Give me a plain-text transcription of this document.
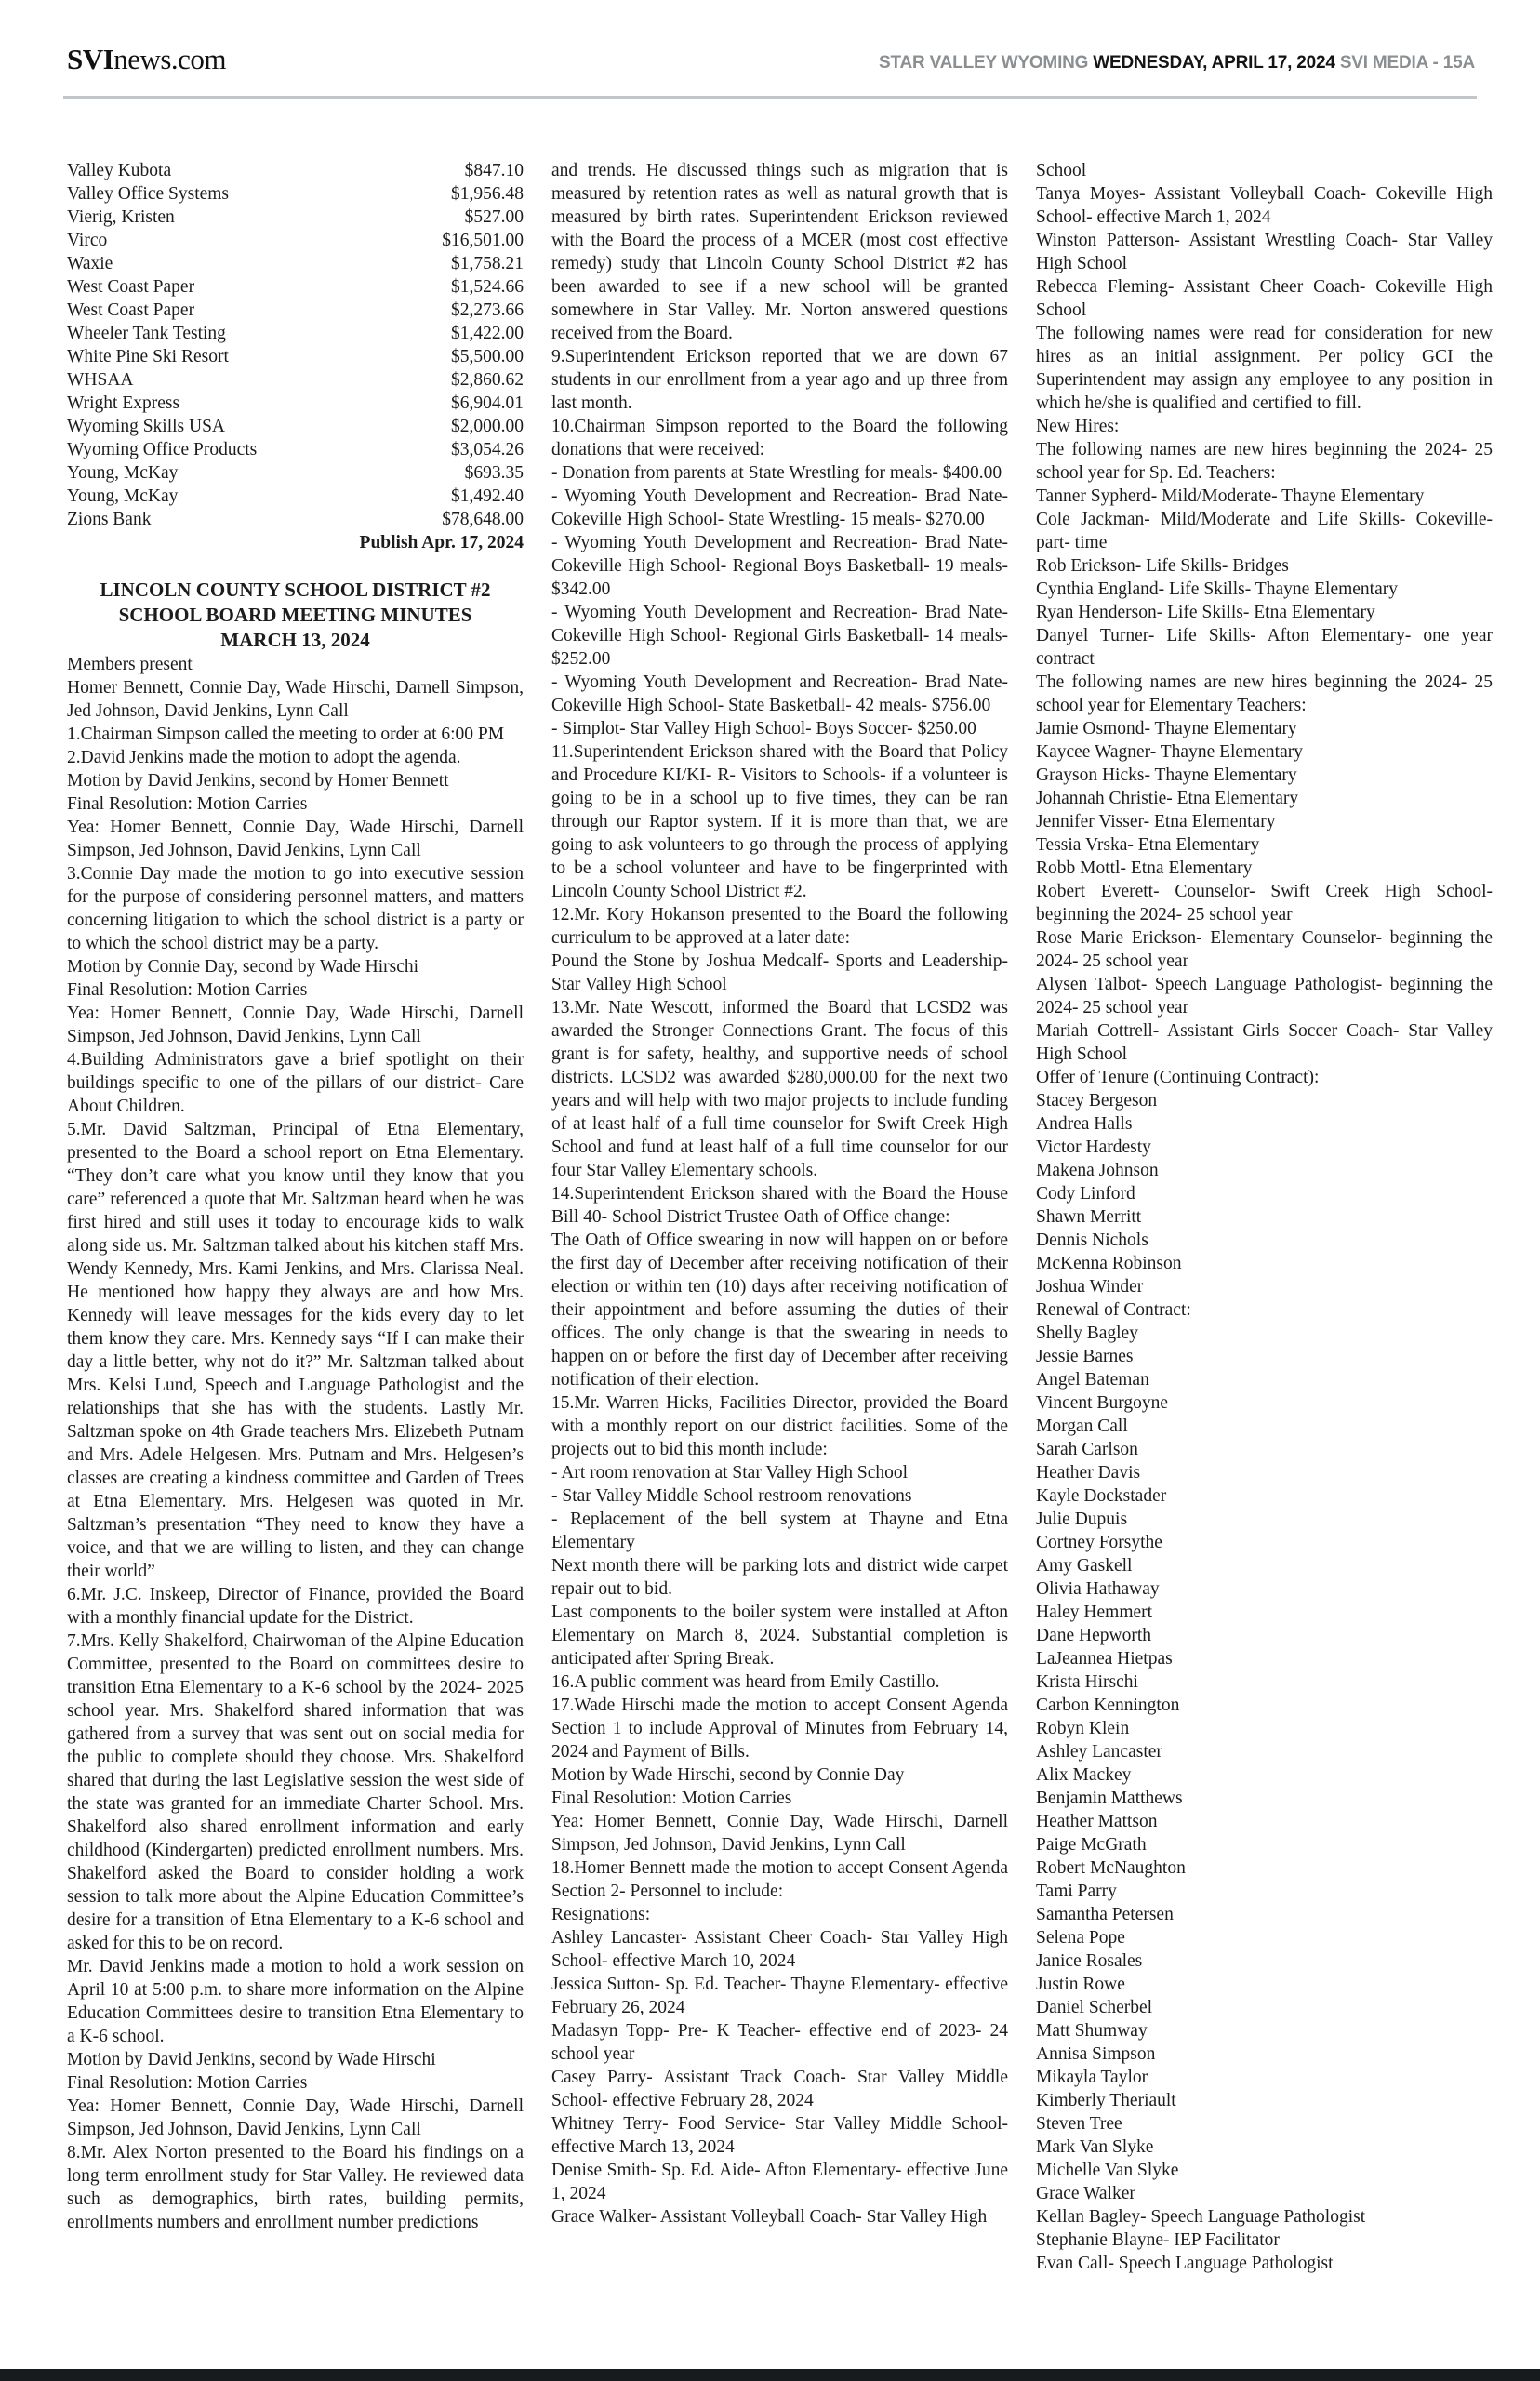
SVInews.com	STAR VALLEY WYOMING WEDNESDAY, APRIL 17, 2024 SVI MEDIA - 15A
Valley Kubota	$847.10
Valley Office Systems	$1,956.48
Vierig, Kristen	$527.00
Virco	$16,501.00
Waxie	$1,758.21
West Coast Paper	$1,524.66
West Coast Paper	$2,273.66
Wheeler Tank Testing	$1,422.00
White Pine Ski Resort	$5,500.00
WHSAA	$2,860.62
Wright Express	$6,904.01
Wyoming Skills USA	$2,000.00
Wyoming Office Products	$3,054.26
Young, McKay	$693.35
Young, McKay	$1,492.40
Zions Bank	$78,648.00

Publish Apr. 17, 2024

LINCOLN COUNTY SCHOOL DISTRICT #2
SCHOOL BOARD MEETING MINUTES
MARCH 13, 2024

Members present

Homer Bennett, Connie Day, Wade Hirschi, Darnell Simpson, Jed Johnson, David Jenkins, Lynn Call

1.Chairman Simpson called the meeting to order at 6:00 PM

2.David Jenkins made the motion to adopt the agenda.

Motion by David Jenkins, second by Homer Bennett

Final Resolution: Motion Carries

Yea: Homer Bennett, Connie Day, Wade Hirschi, Darnell Simpson, Jed Johnson, David Jenkins, Lynn Call

3.Connie Day made the motion to go into executive session for the purpose of considering personnel matters, and matters concerning litigation to which the school district is a party or to which the school district may be a party.

Motion by Connie Day, second by Wade Hirschi

Final Resolution: Motion Carries

Yea: Homer Bennett, Connie Day, Wade Hirschi, Darnell Simpson, Jed Johnson, David Jenkins, Lynn Call

4.Building Administrators gave a brief spotlight on their buildings specific to one of the pillars of our district- Care About Children.

5.Mr. David Saltzman, Principal of Etna Elementary, presented to the Board a school report on Etna Elementary. “They don’t care what you know until they know that you care” referenced a quote that Mr. Saltzman heard when he was first hired and still uses it today to encourage kids to walk along side us. Mr. Saltzman talked about his kitchen staff Mrs. Wendy Kennedy, Mrs. Kami Jenkins, and Mrs. Clarissa Neal. He mentioned how happy they always are and how Mrs. Kennedy will leave messages for the kids every day to let them know they care. Mrs. Kennedy says “If I can make their day a little better, why not do it?” Mr. Saltzman talked about Mrs. Kelsi Lund, Speech and Language Pathologist and the relationships that she has with the students. Lastly Mr. Saltzman spoke on 4th Grade teachers Mrs. Elizebeth Putnam and Mrs. Adele Helgesen. Mrs. Putnam and Mrs. Helgesen’s classes are creating a kindness committee and Garden of Trees at Etna Elementary. Mrs. Helgesen was quoted in Mr. Saltzman’s presentation “They need to know they have a voice, and that we are willing to listen, and they can change their world”

6.Mr. J.C. Inskeep, Director of Finance, provided the Board with a monthly financial update for the District.

7.Mrs. Kelly Shakelford, Chairwoman of the Alpine Education Committee, presented to the Board on committees desire to transition Etna Elementary to a K-6 school by the 2024- 2025 school year. Mrs. Shakelford shared information that was gathered from a survey that was sent out on social media for the public to complete should they choose. Mrs. Shakelford shared that during the last Legislative session the west side of the state was granted for an immediate Charter School. Mrs. Shakelford also shared enrollment information and early childhood (Kindergarten) predicted enrollment numbers. Mrs. Shakelford asked the Board to consider holding a work session to talk more about the Alpine Education Committee’s desire for a transition of Etna Elementary to a K-6 school and asked for this to be on record.

Mr. David Jenkins made a motion to hold a work session on April 10 at 5:00 p.m. to share more information on the Alpine Education Committees desire to transition Etna Elementary to a K-6 school.

Motion by David Jenkins, second by Wade Hirschi

Final Resolution: Motion Carries

Yea: Homer Bennett, Connie Day, Wade Hirschi, Darnell Simpson, Jed Johnson, David Jenkins, Lynn Call

8.Mr. Alex Norton presented to the Board his findings on a long term enrollment study for Star Valley. He reviewed data such as demographics, birth rates, building permits, enrollments numbers and enrollment number predictions

and trends. He discussed things such as migration that is measured by retention rates as well as natural growth that is measured by birth rates. Superintendent Erickson reviewed with the Board the process of a MCER (most cost effective remedy) study that Lincoln County School District #2 has been awarded to see if a new school will be granted somewhere in Star Valley. Mr. Norton answered questions received from the Board.

9.Superintendent Erickson reported that we are down 67 students in our enrollment from a year ago and up three from last month.

10.Chairman Simpson reported to the Board the following donations that were received:

- Donation from parents at State Wrestling for meals- $400.00

- Wyoming Youth Development and Recreation- Brad Nate- Cokeville High School- State Wrestling- 15 meals- $270.00

- Wyoming Youth Development and Recreation- Brad Nate- Cokeville High School- Regional Boys Basketball- 19 meals- $342.00

- Wyoming Youth Development and Recreation- Brad Nate- Cokeville High School- Regional Girls Basketball- 14 meals- $252.00

- Wyoming Youth Development and Recreation- Brad Nate- Cokeville High School- State Basketball- 42 meals- $756.00

- Simplot- Star Valley High School- Boys Soccer- $250.00

11.Superintendent Erickson shared with the Board that Policy and Procedure KI/KI- R- Visitors to Schools- if a volunteer is going to be in a school up to five times, they can be ran through our Raptor system. If it is more than that, we are going to ask volunteers to go through the process of applying to be a school volunteer and have to be fingerprinted with Lincoln County School District #2.

12.Mr. Kory Hokanson presented to the Board the following curriculum to be approved at a later date:

Pound the Stone by Joshua Medcalf- Sports and Leadership- Star Valley High School

13.Mr. Nate Wescott, informed the Board that LCSD2 was awarded the Stronger Connections Grant. The focus of this grant is for safety, healthy, and supportive needs of school districts. LCSD2 was awarded $280,000.00 for the next two years and will help with two major projects to include funding of at least half of a full time counselor for Swift Creek High School and fund at least half of a full time counselor for our four Star Valley Elementary schools.

14.Superintendent Erickson shared with the Board the House Bill 40- School District Trustee Oath of Office change:

The Oath of Office swearing in now will happen on or before the first day of December after receiving notification of their election or within ten (10) days after receiving notification of their appointment and before assuming the duties of their offices. The only change is that the swearing in needs to happen on or before the first day of December after receiving notification of their election.

15.Mr. Warren Hicks, Facilities Director, provided the Board with a monthly report on our district facilities. Some of the projects out to bid this month include:

- Art room renovation at Star Valley High School

- Star Valley Middle School restroom renovations

- Replacement of the bell system at Thayne and Etna Elementary

Next month there will be parking lots and district wide carpet repair out to bid.

Last components to the boiler system were installed at Afton Elementary on March 8, 2024. Substantial completion is anticipated after Spring Break.

16.A public comment was heard from Emily Castillo.

17.Wade Hirschi made the motion to accept Consent Agenda Section 1 to include Approval of Minutes from February 14, 2024 and Payment of Bills.

Motion by Wade Hirschi, second by Connie Day

Final Resolution: Motion Carries

Yea: Homer Bennett, Connie Day, Wade Hirschi, Darnell Simpson, Jed Johnson, David Jenkins, Lynn Call

18.Homer Bennett made the motion to accept Consent Agenda Section 2- Personnel to include:

Resignations:

Ashley Lancaster- Assistant Cheer Coach- Star Valley High School- effective March 10, 2024

Jessica Sutton- Sp. Ed. Teacher- Thayne Elementary- effective February 26, 2024

Madasyn Topp- Pre- K Teacher- effective end of 2023- 24 school year

Casey Parry- Assistant Track Coach- Star Valley Middle School- effective February 28, 2024

Whitney Terry- Food Service- Star Valley Middle School- effective March 13, 2024

Denise Smith- Sp. Ed. Aide- Afton Elementary- effective June 1, 2024

Grace Walker- Assistant Volleyball Coach- Star Valley High

School

Tanya Moyes- Assistant Volleyball Coach- Cokeville High School- effective March 1, 2024

Winston Patterson- Assistant Wrestling Coach- Star Valley High School

Rebecca Fleming- Assistant Cheer Coach- Cokeville High School

The following names were read for consideration for new hires as an initial assignment. Per policy GCI the Superintendent may assign any employee to any position in which he/she is qualified and certified to fill.

New Hires:

The following names are new hires beginning the 2024- 25 school year for Sp. Ed. Teachers:

Tanner Sypherd- Mild/Moderate- Thayne Elementary

Cole Jackman- Mild/Moderate and Life Skills- Cokeville- part- time

Rob Erickson- Life Skills- Bridges

Cynthia England- Life Skills- Thayne Elementary

Ryan Henderson- Life Skills- Etna Elementary

Danyel Turner- Life Skills- Afton Elementary- one year contract

The following names are new hires beginning the 2024- 25 school year for Elementary Teachers:

Jamie Osmond- Thayne Elementary

Kaycee Wagner- Thayne Elementary

Grayson Hicks- Thayne Elementary

Johannah Christie- Etna Elementary

Jennifer Visser- Etna Elementary

Tessia Vrska- Etna Elementary

Robb Mottl- Etna Elementary

Robert Everett- Counselor- Swift Creek High School- beginning the 2024- 25 school year

Rose Marie Erickson- Elementary Counselor- beginning the 2024- 25 school year

Alysen Talbot- Speech Language Pathologist- beginning the 2024- 25 school year

Mariah Cottrell- Assistant Girls Soccer Coach- Star Valley High School

Offer of Tenure (Continuing Contract):

Stacey Bergeson

Andrea Halls

Victor Hardesty

Makena Johnson

Cody Linford

Shawn Merritt

Dennis Nichols

McKenna Robinson

Joshua Winder

Renewal of Contract:

Shelly Bagley

Jessie Barnes

Angel Bateman

Vincent Burgoyne

Morgan Call

Sarah Carlson

Heather Davis

Kayle Dockstader

Julie Dupuis

Cortney Forsythe

Amy Gaskell

Olivia Hathaway

Haley Hemmert

Dane Hepworth

LaJeannea Hietpas

Krista Hirschi

Carbon Kennington

Robyn Klein

Ashley Lancaster

Alix Mackey

Benjamin Matthews

Heather Mattson

Paige McGrath

Robert McNaughton

Tami Parry

Samantha Petersen

Selena Pope

Janice Rosales

Justin Rowe

Daniel Scherbel

Matt Shumway

Annisa Simpson

Mikayla Taylor

Kimberly Theriault

Steven Tree

Mark Van Slyke

Michelle Van Slyke

Grace Walker

Kellan Bagley- Speech Language Pathologist

Stephanie Blayne- IEP Facilitator

Evan Call- Speech Language Pathologist
